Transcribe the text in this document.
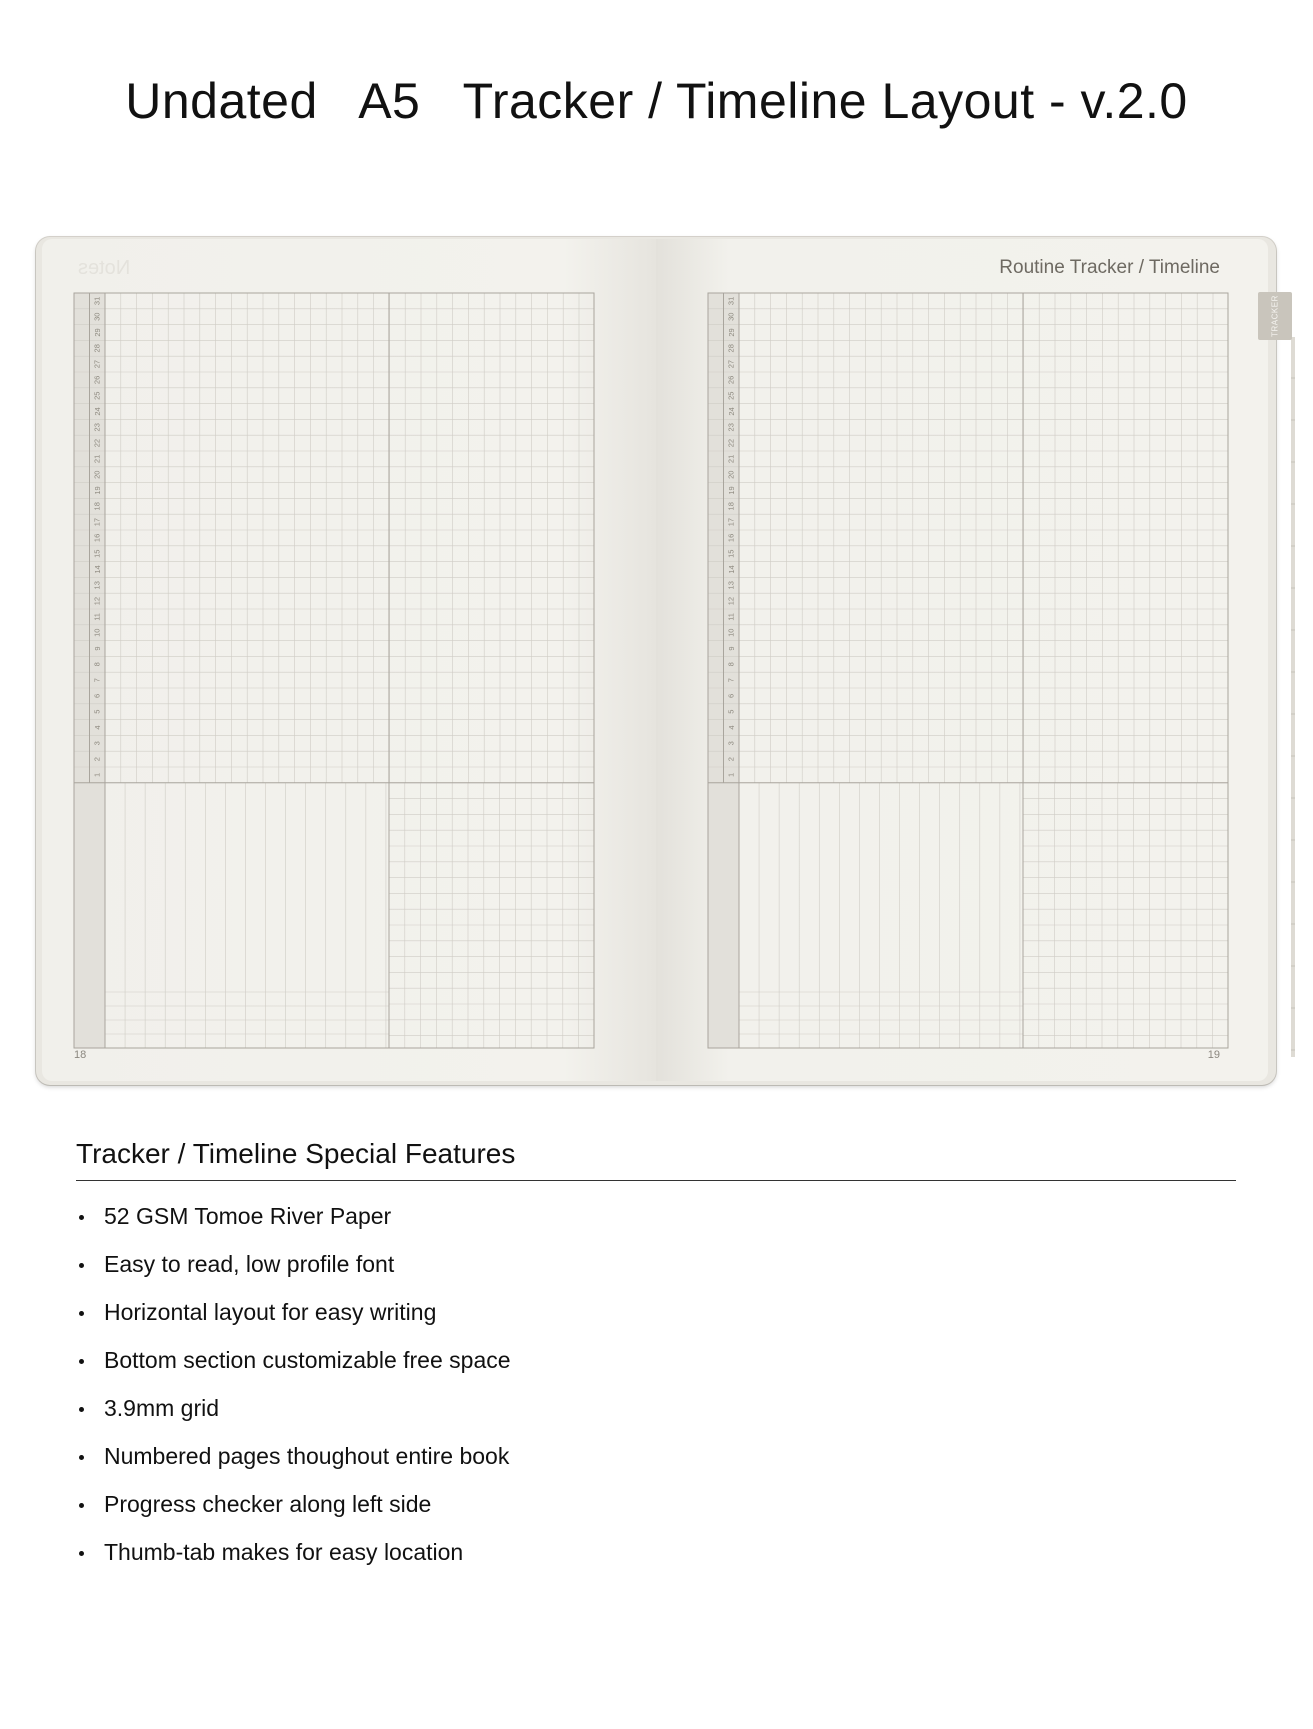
Undated   A5   Tracker / Timeline Layout - v.2.0
Notes
18
Routine Tracker / Timeline
19
TRACKER
1
2
3
4
5
6
7
8
9
10
11
12
13
14
15
16
17
18
19
20
21
22
23
24
25
26
27
28
29
30
31
1
2
3
4
5
6
7
8
9
10
11
12
13
14
15
16
17
18
19
20
21
22
23
24
25
26
27
28
29
30
31
Tracker / Timeline Special Features
52 GSM Tomoe River Paper
Easy to read, low profile font
Horizontal layout for easy writing
Bottom section customizable free space
3.9mm grid
Numbered pages thoughout entire book
Progress checker along left side
Thumb-tab makes for easy location
